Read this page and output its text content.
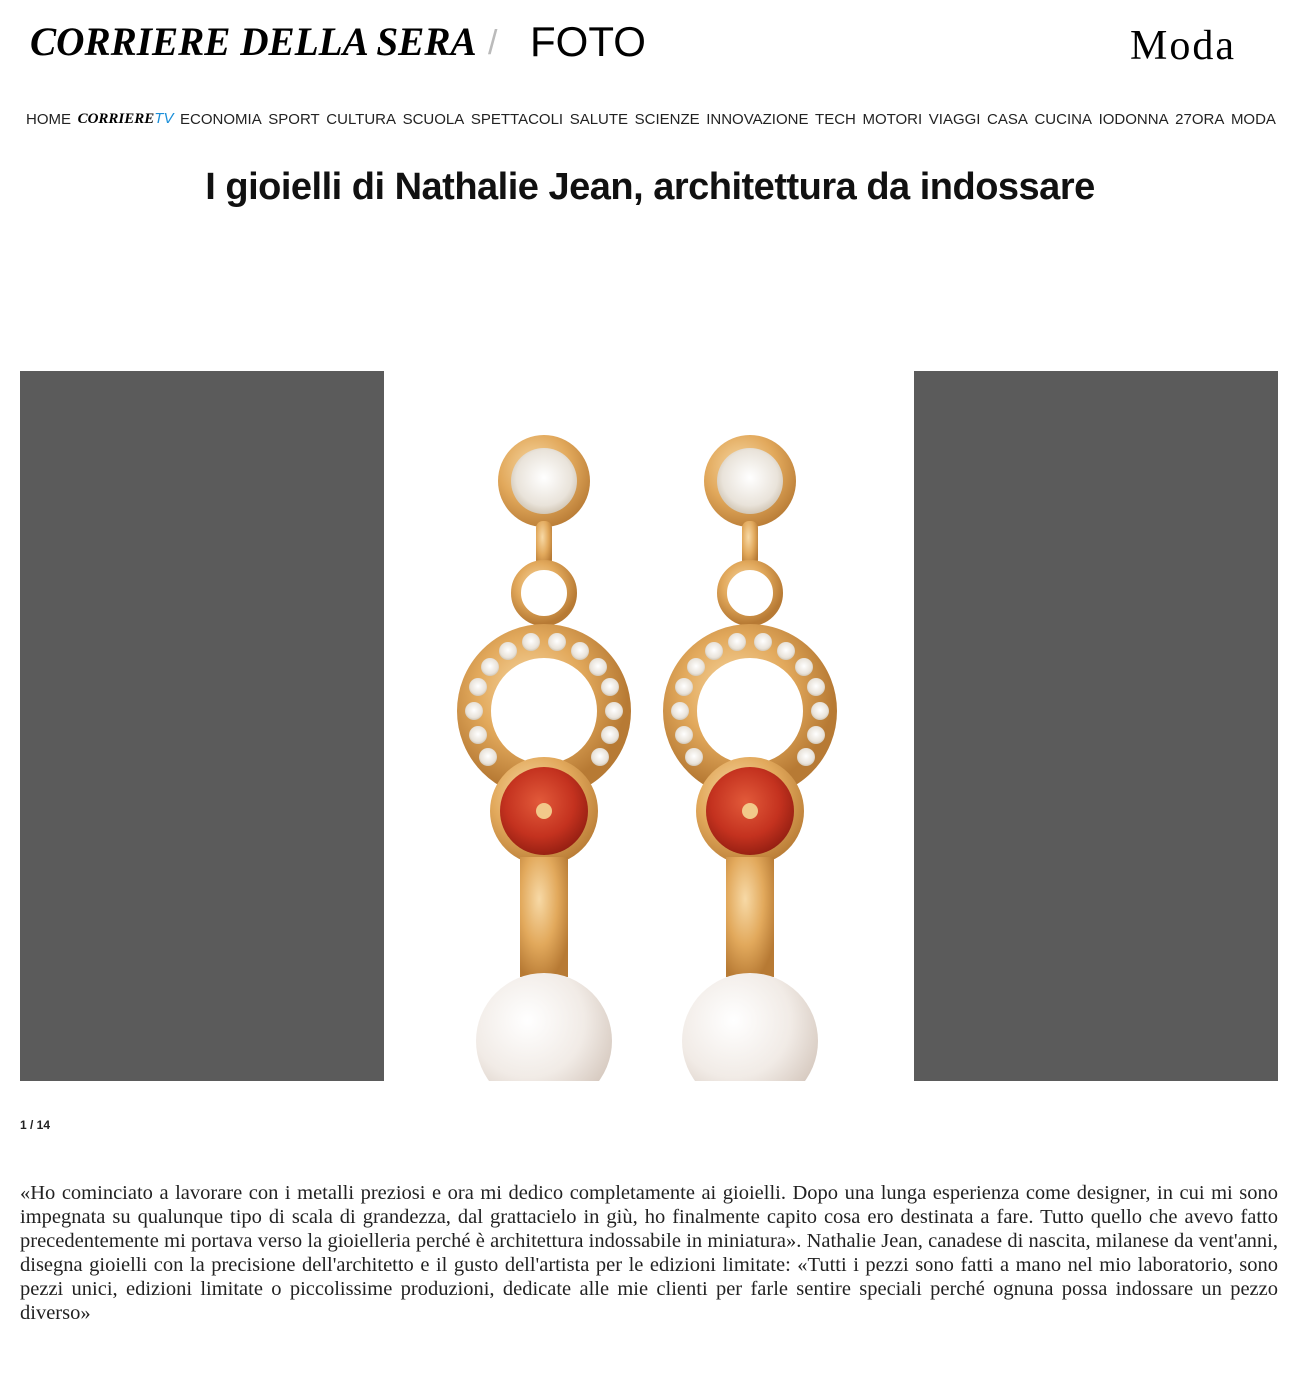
CORRIERE DELLA SERA / FOTO	Moda
HOME CORRIERETV ECONOMIA SPORT CULTURA SCUOLA SPETTACOLI SALUTE SCIENZE INNOVAZIONE TECH MOTORI VIAGGI CASA CUCINA IODONNA 27ORA MODA
I gioielli di Nathalie Jean, architettura da indossare
1 / 14

«Ho cominciato a lavorare con i metalli preziosi e ora mi dedico completamente ai gioielli. Dopo una lunga esperienza come designer, in cui mi sono impegnata su qualunque tipo di scala di grandezza, dal grattacielo in giù, ho finalmente capito cosa ero destinata a fare. Tutto quello che avevo fatto precedentemente mi portava verso la gioielleria perché è architettura indossabile in miniatura». Nathalie Jean, canadese di nascita, milanese da vent'anni, disegna gioielli con la precisione dell'architetto e il gusto dell'artista per le edizioni limitate: «Tutti i pezzi sono fatti a mano nel mio laboratorio, sono pezzi unici, edizioni limitate o piccolissime produzioni, dedicate alle mie clienti per farle sentire speciali perché ognuna possa indossare un pezzo diverso»
